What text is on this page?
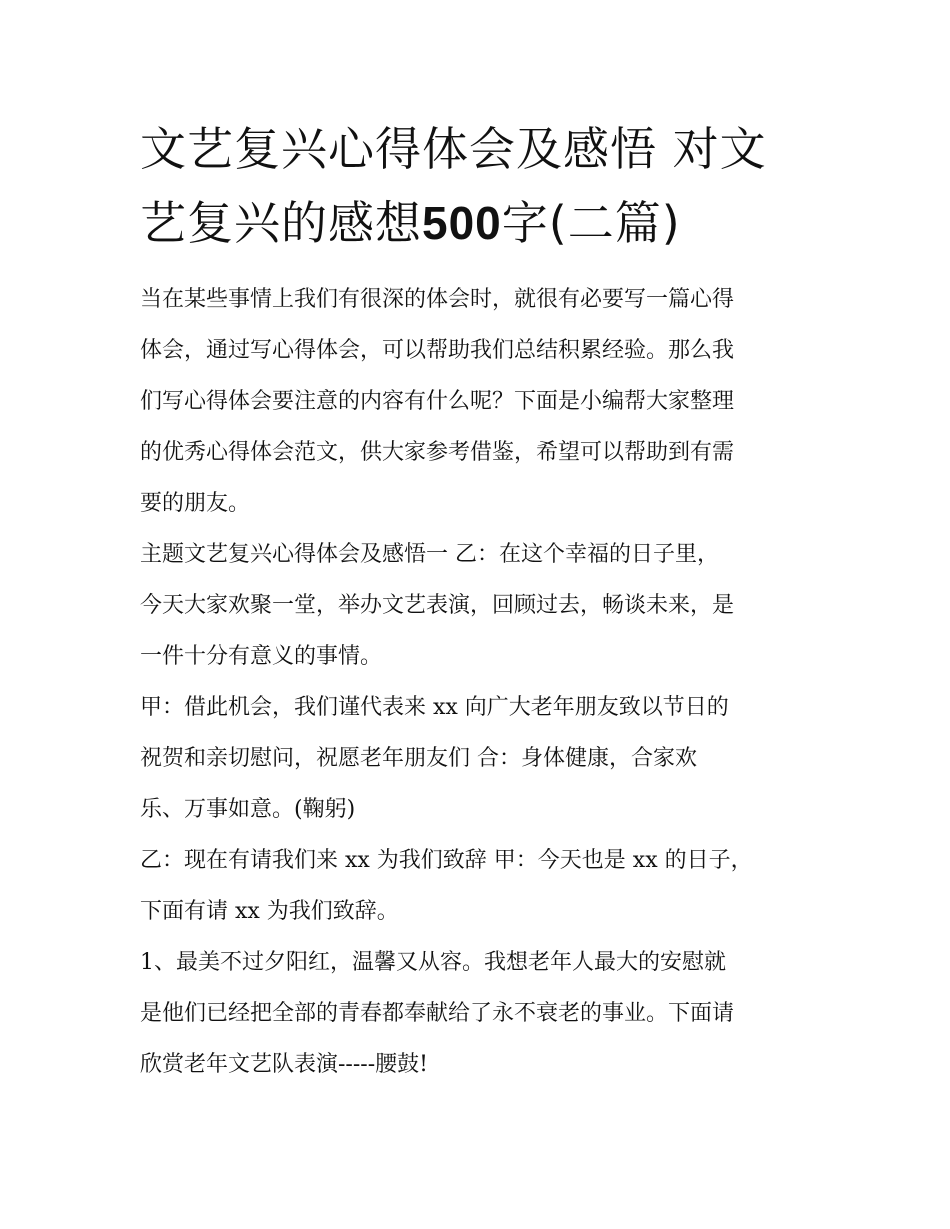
文艺复兴心得体会及感悟 对文
艺复兴的感想500字(二篇)

当在某些事情上我们有很深的体会时，就很有必要写一篇心得
体会，通过写心得体会，可以帮助我们总结积累经验。那么我
们写心得体会要注意的内容有什么呢？下面是小编帮大家整理
的优秀心得体会范文，供大家参考借鉴，希望可以帮助到有需
要的朋友。

主题文艺复兴心得体会及感悟一 乙：在这个幸福的日子里，
今天大家欢聚一堂，举办文艺表演，回顾过去，畅谈未来，是
一件十分有意义的事情。

甲：借此机会，我们谨代表来 xx 向广大老年朋友致以节日的
祝贺和亲切慰问，祝愿老年朋友们 合：身体健康，合家欢
乐、万事如意。(鞠躬)

乙：现在有请我们来 xx 为我们致辞 甲：今天也是 xx 的日子，
下面有请 xx 为我们致辞。

1、最美不过夕阳红，温馨又从容。我想老年人最大的安慰就
是他们已经把全部的青春都奉献给了永不衰老的事业。下面请
欣赏老年文艺队表演-----腰鼓!
